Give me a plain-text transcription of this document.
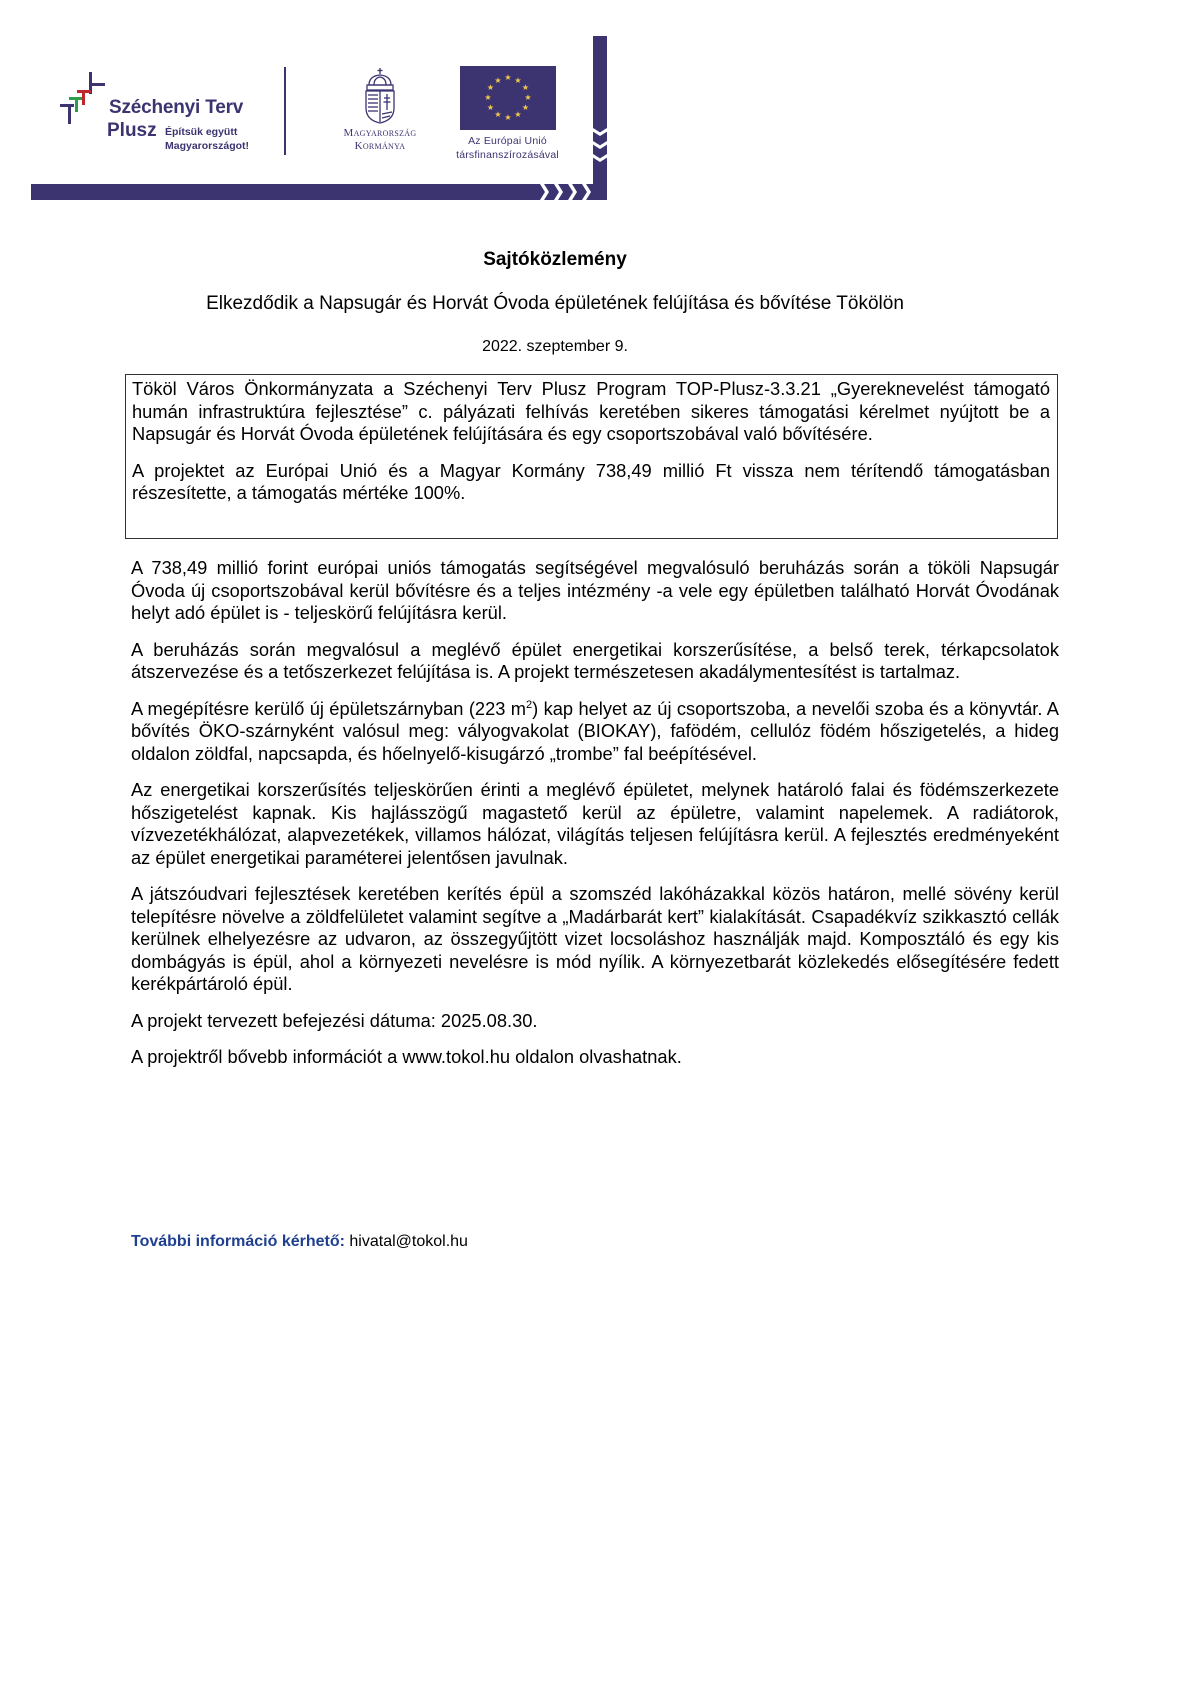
Széchenyi Terv
Plusz Építsük együtt
Magyarországot!
Magyarország
Kormánya
★ ★
★
★
★
★
★
★
★
★
★
★
Az Európai Unió
társfinanszírozásával
Sajtóközlemény
Elkezdődik a Napsugár és Horvát Óvoda épületének felújítása és bővítése Tökölön
2022. szeptember 9.

Tököl Város Önkormányzata a Széchenyi Terv Plusz Program TOP-Plusz-3.3.21 „Gyereknevelést támogató humán infrastruktúra fejlesztése” c. pályázati felhívás keretében sikeres támogatási kérelmet nyújtott be a Napsugár és Horvát Óvoda épületének felújítására és egy csoportszobával való bővítésére.

A projektet az Európai Unió és a Magyar Kormány 738,49 millió Ft vissza nem térítendő támogatásban részesítette, a támogatás mértéke 100%.

A 738,49 millió forint európai uniós támogatás segítségével megvalósuló beruházás során a tököli Napsugár Óvoda új csoportszobával kerül bővítésre és a teljes intézmény -a vele egy épületben található Horvát Óvodának helyt adó épület is - teljeskörű felújításra kerül.

A beruházás során megvalósul a meglévő épület energetikai korszerűsítése, a belső terek, térkapcsolatok átszervezése és a tetőszerkezet felújítása is. A projekt természetesen akadálymentesítést is tartalmaz.

A megépítésre kerülő új épületszárnyban (223 $m^2$) kap helyet az új csoportszoba, a nevelői szoba és a könyvtár. A bővítés ÖKO-szárnyként valósul meg: vályogvakolat (BIOKAY), fafödém, cellulóz födém hőszigetelés, a hideg oldalon zöldfal, napcsapda, és hőelnyelő-kisugárzó „trombe” fal beépítésével.

Az energetikai korszerűsítés teljeskörűen érinti a meglévő épületet, melynek határoló falai és födémszerkezete hőszigetelést kapnak. Kis hajlásszögű magastető kerül az épületre, valamint napelemek. A radiátorok, vízvezetékhálózat, alapvezetékek, villamos hálózat, világítás teljesen felújításra kerül. A fejlesztés eredményeként az épület energetikai paraméterei jelentősen javulnak.

A játszóudvari fejlesztések keretében kerítés épül a szomszéd lakóházakkal közös határon, mellé sövény kerül telepítésre növelve a zöldfelületet valamint segítve a „Madárbarát kert” kialakítását. Csapadékvíz szikkasztó cellák kerülnek elhelyezésre az udvaron, az összegyűjtött vizet locsoláshoz használják majd. Komposztáló és egy kis dombágyás is épül, ahol a környezeti nevelésre is mód nyílik. A környezetbarát közlekedés elősegítésére fedett kerékpártároló épül.

A projekt tervezett befejezési dátuma: 2025.08.30.

A projektről bővebb információt a www.tokol.hu oldalon olvashatnak.

További információ kérhető: hivatal@tokol.hu
